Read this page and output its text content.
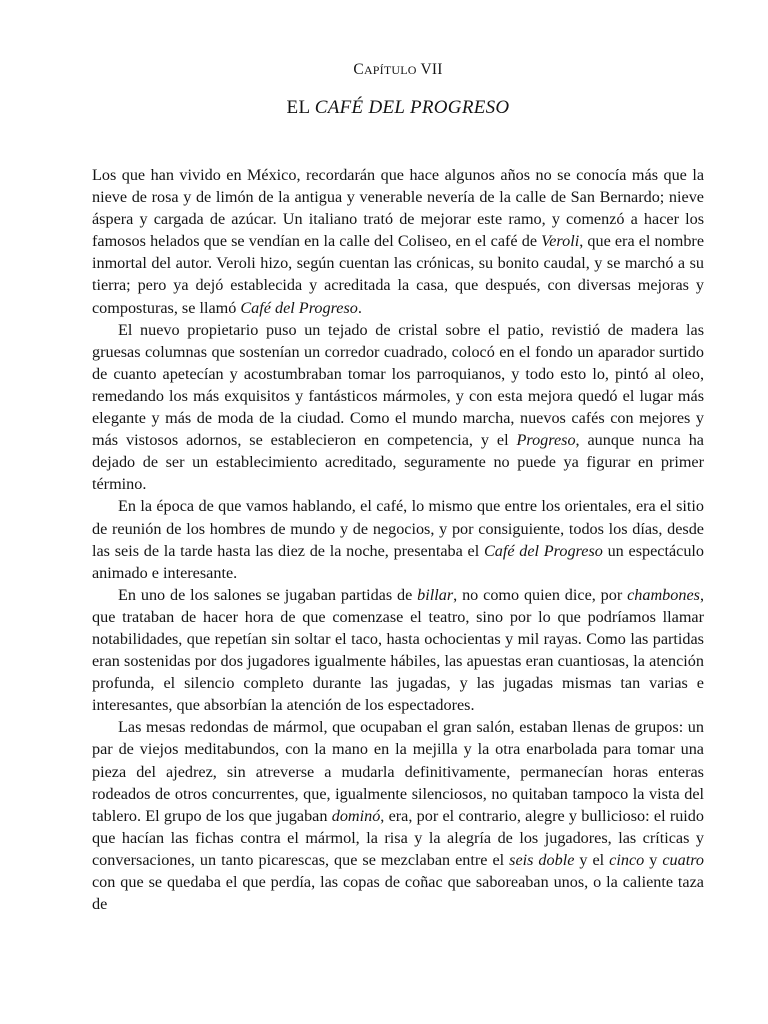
CAPÍTULO VII
EL CAFÉ DEL PROGRESO

Los que han vivido en México, recordarán que hace algunos años no se conocía más que la nieve de rosa y de limón de la antigua y venerable nevería de la calle de San Bernardo; nieve áspera y cargada de azúcar. Un italiano trató de mejorar este ramo, y comenzó a hacer los famosos helados que se vendían en la calle del Coliseo, en el café de Veroli, que era el nombre inmortal del autor. Veroli hizo, según cuentan las crónicas, su bonito caudal, y se marchó a su tierra; pero ya dejó establecida y acreditada la casa, que después, con diversas mejoras y composturas, se llamó Café del Progreso.

El nuevo propietario puso un tejado de cristal sobre el patio, revistió de madera las gruesas columnas que sostenían un corredor cuadrado, colocó en el fondo un aparador surtido de cuanto apetecían y acostumbraban tomar los parroquianos, y todo esto lo, pintó al oleo, remedando los más exquisitos y fantásticos mármoles, y con esta mejora quedó el lugar más elegante y más de moda de la ciudad. Como el mundo marcha, nuevos cafés con mejores y más vistosos adornos, se establecieron en competencia, y el Progreso, aunque nunca ha dejado de ser un establecimiento acreditado, seguramente no puede ya figurar en primer término.

En la época de que vamos hablando, el café, lo mismo que entre los orientales, era el sitio de reunión de los hombres de mundo y de negocios, y por consiguiente, todos los días, desde las seis de la tarde hasta las diez de la noche, presentaba el Café del Progreso un espectáculo animado e interesante.

En uno de los salones se jugaban partidas de billar, no como quien dice, por chambones, que trataban de hacer hora de que comenzase el teatro, sino por lo que podríamos llamar notabilidades, que repetían sin soltar el taco, hasta ochocientas y mil rayas. Como las partidas eran sostenidas por dos jugadores igualmente hábiles, las apuestas eran cuantiosas, la atención profunda, el silencio completo durante las jugadas, y las jugadas mismas tan varias e interesantes, que absorbían la atención de los espectadores.

Las mesas redondas de mármol, que ocupaban el gran salón, estaban llenas de grupos: un par de viejos meditabundos, con la mano en la mejilla y la otra enarbolada para tomar una pieza del ajedrez, sin atreverse a mudarla definitivamente, permanecían horas enteras rodeados de otros concurrentes, que, igualmente silenciosos, no quitaban tampoco la vista del tablero. El grupo de los que jugaban dominó, era, por el contrario, alegre y bullicioso: el ruido que hacían las fichas contra el mármol, la risa y la alegría de los jugadores, las críticas y conversaciones, un tanto picarescas, que se mezclaban entre el seis doble y el cinco y cuatro con que se quedaba el que perdía, las copas de coñac que saboreaban unos, o la caliente taza de
